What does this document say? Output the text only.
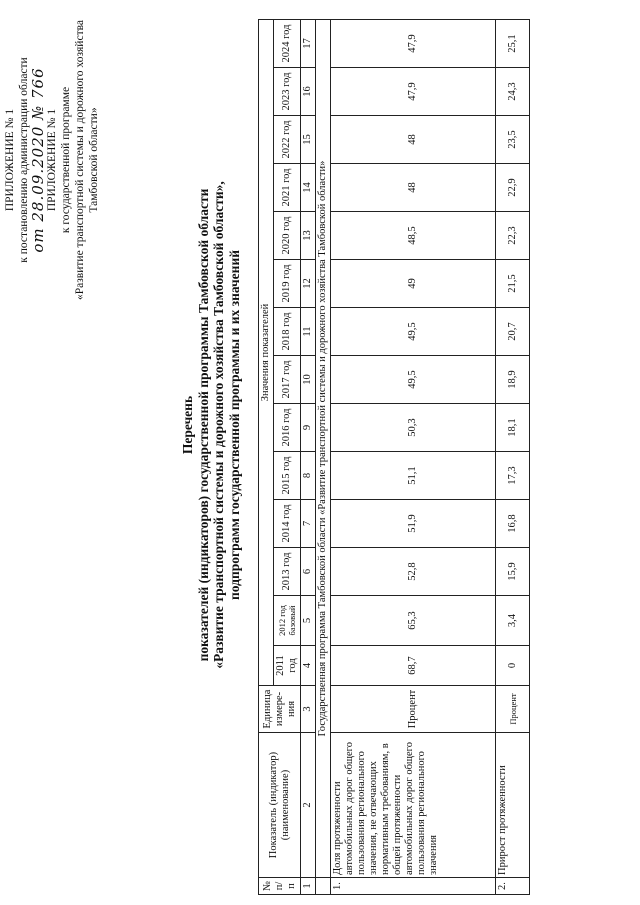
ПРИЛОЖЕНИЕ № 1 к постановлению администрации области от 28.09.2020 № 766 ПРИЛОЖЕНИЕ № 1 к государственной программе «Развитие транспортной системы и дорожного хозяйства Тамбовской области»
Перечень показателей (индикаторов) государственной программы Тамбовской области «Развитие транспортной системы и дорожного хозяйства Тамбовской области», подпрограмм государственной программы и их значений
№ п/п	Показатель (индикатор) (наименование)	Единица измере-ния	Значения показателей													
			2011 год	2012 год базовый	2013 год	2014 год	2015 год	2016 год	2017 год	2018 год	2019 год	2020 год	2021 год	2022 год	2023 год	2024 год
1	2	3	4	5	6	7	8	9	10	11	12	13	14	15	16	17
	Государственная программа Тамбовской области «Развитие транспортной системы и дорожного хозяйства Тамбовской области»															
1.	Доля протяженности автомобильных дорог общего пользования регионального значения, не отвечающих нормативным требованиям, в общей протяженности автомобильных дорог общего пользования регионального значения	Процент	68,7	65,3	52,8	51,9	51,1	50,3	49,5	49,5	49	48,5	48	48	47,9	47,9
2.	Прирост протяженности	Процент	0	3,4	15,9	16,8	17,3	18,1	18,9	20,7	21,5	22,3	22,9	23,5	24,3	25,1
